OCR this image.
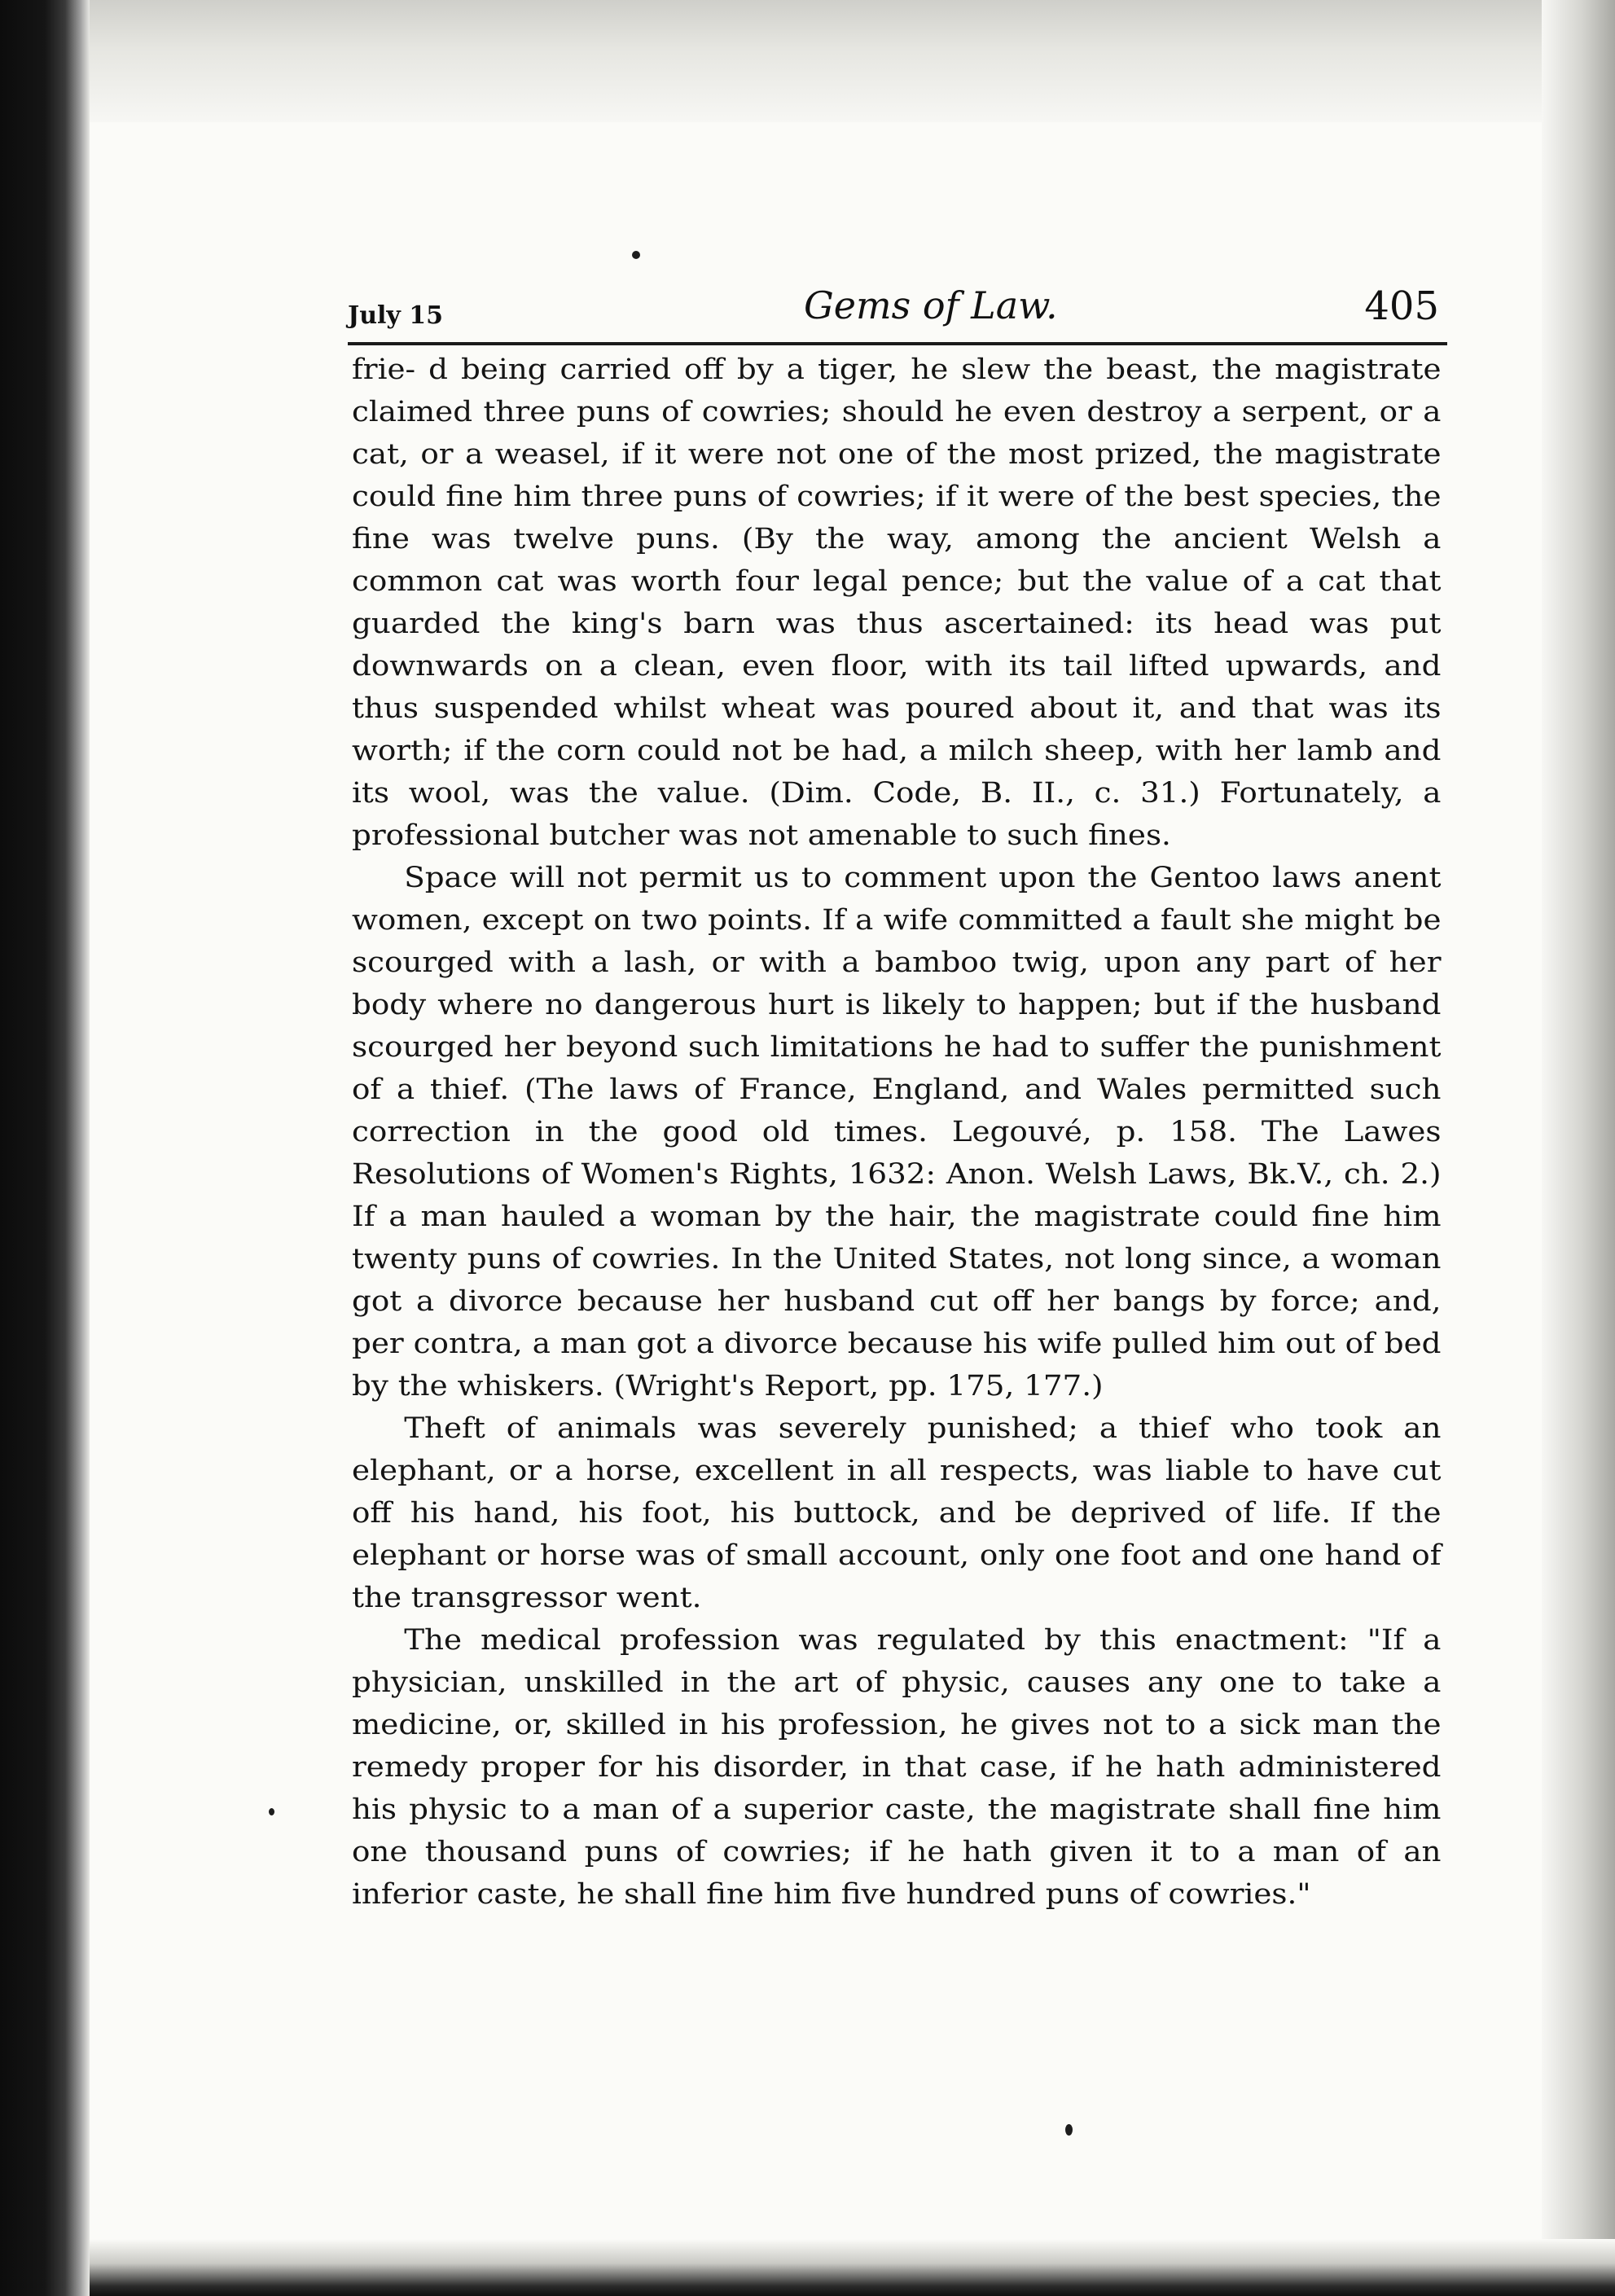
July 15	Gems of Law.	405

frie- d being carried off by a tiger, he slew the beast, the magistrate claimed three puns of cowries; should he even destroy a serpent, or a cat, or a weasel, if it were not one of the most prized, the magistrate could fine him three puns of cowries; if it were of the best species, the fine was twelve puns. (By the way, among the ancient Welsh a common cat was worth four legal pence; but the value of a cat that guarded the king's barn was thus ascertained: its head was put downwards on a clean, even floor, with its tail lifted upwards, and thus suspended whilst wheat was poured about it, and that was its worth; if the corn could not be had, a milch sheep, with her lamb and its wool, was the value. (Dim. Code, B. II., c. 31.) Fortunately, a professional butcher was not amenable to such fines.

Space will not permit us to comment upon the Gentoo laws anent women, except on two points. If a wife committed a fault she might be scourged with a lash, or with a bamboo twig, upon any part of her body where no dangerous hurt is likely to happen; but if the husband scourged her beyond such limitations he had to suffer the punishment of a thief. (The laws of France, England, and Wales permitted such correction in the good old times. Legouvé, p. 158. The Lawes Resolutions of Women's Rights, 1632: Anon. Welsh Laws, Bk.V., ch. 2.) If a man hauled a woman by the hair, the magistrate could fine him twenty puns of cowries. In the United States, not long since, a woman got a divorce because her husband cut off her bangs by force; and, per contra, a man got a divorce because his wife pulled him out of bed by the whiskers. (Wright's Report, pp. 175, 177.)

Theft of animals was severely punished; a thief who took an elephant, or a horse, excellent in all respects, was liable to have cut off his hand, his foot, his buttock, and be deprived of life. If the elephant or horse was of small account, only one foot and one hand of the transgressor went.

The medical profession was regulated by this enactment: "If a physician, unskilled in the art of physic, causes any one to take a medicine, or, skilled in his profession, he gives not to a sick man the remedy proper for his disorder, in that case, if he hath administered his physic to a man of a superior caste, the magistrate shall fine him one thousand puns of cowries; if he hath given it to a man of an inferior caste, he shall fine him five hundred puns of cowries."
